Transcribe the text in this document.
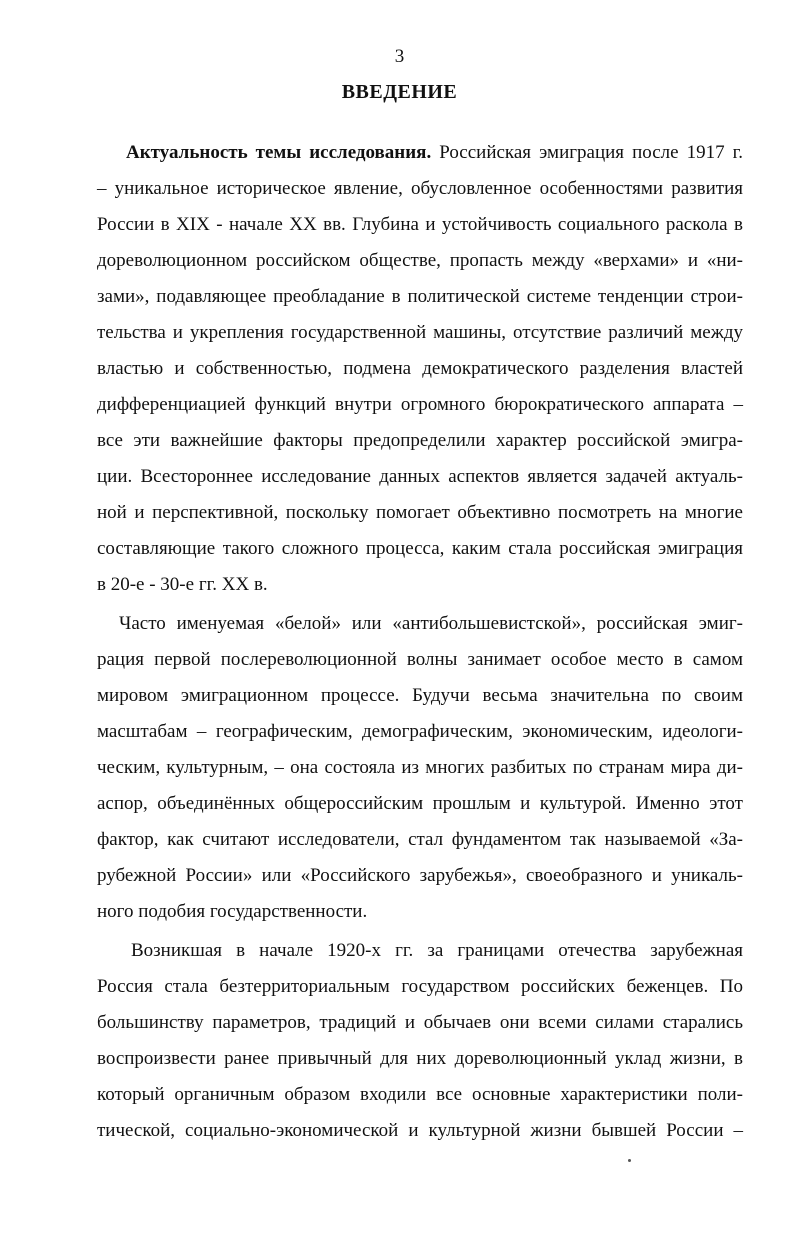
3
ВВЕДЕНИЕ
Актуальность темы исследования. Российская эмиграция после 1917 г.
– уникальное историческое явление, обусловленное особенностями развития
России в XIX - начале XX вв. Глубина и устойчивость социального раскола в
дореволюционном российском обществе, пропасть между «верхами» и «ни-
зами», подавляющее преобладание в политической системе тенденции строи-
тельства и укрепления государственной машины, отсутствие различий между
властью и собственностью, подмена демократического разделения властей
дифференциацией функций внутри огромного бюрократического аппарата –
все эти важнейшие факторы предопределили характер российской эмигра-
ции. Всестороннее исследование данных аспектов является задачей актуаль-
ной и перспективной, поскольку помогает объективно посмотреть на многие
составляющие такого сложного процесса, каким стала российская эмиграция
в 20-е - 30-е гг. XX в.
Часто именуемая «белой» или «антибольшевистской», российская эмиг-
рация первой послереволюционной волны занимает особое место в самом
мировом эмиграционном процессе. Будучи весьма значительна по своим
масштабам – географическим, демографическим, экономическим, идеологи-
ческим, культурным, – она состояла из многих разбитых по странам мира ди-
аспор, объединённых общероссийским прошлым и культурой. Именно этот
фактор, как считают исследователи, стал фундаментом так называемой «За-
рубежной России» или «Российского зарубежья», своеобразного и уникаль-
ного подобия государственности.
Возникшая в начале 1920-х гг. за границами отечества зарубежная
Россия стала безтерриториальным государством российских беженцев. По
большинству параметров, традиций и обычаев они всеми силами старались
воспроизвести ранее привычный для них дореволюционный уклад жизни, в
который органичным образом входили все основные характеристики поли-
тической, социально-экономической и культурной жизни бывшей России –
